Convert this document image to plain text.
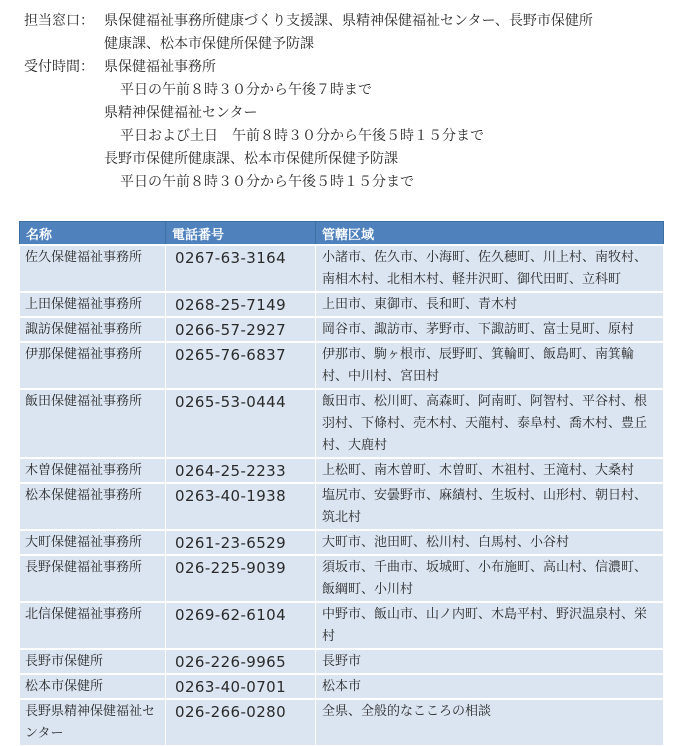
担当窓口： 県保健福祉事務所健康づくり支援課、県精神保健福祉センター、長野市保健所
健康課、松本市保健所保健予防課
受付時間： 県保健福祉事務所
平日の午前８時３０分から午後７時まで
県精神保健福祉センター
平日および土日　午前８時３０分から午後５時１５分まで
長野市保健所健康課、松本市保健所保健予防課
平日の午前８時３０分から午後５時１５分まで
名称	電話番号	管轄区域
佐久保健福祉事務所	0267-63-3164	小諸市、佐久市、小海町、佐久穂町、川上村、南牧村、南相木村、北相木村、軽井沢町、御代田町、立科町
上田保健福祉事務所	0268-25-7149	上田市、東御市、長和町、青木村
諏訪保健福祉事務所	0266-57-2927	岡谷市、諏訪市、茅野市、下諏訪町、富士見町、原村
伊那保健福祉事務所	0265-76-6837	伊那市、駒ヶ根市、辰野町、箕輪町、飯島町、南箕輪村、中川村、宮田村
飯田保健福祉事務所	0265-53-0444	飯田市、松川町、高森町、阿南町、阿智村、平谷村、根羽村、下條村、売木村、天龍村、泰阜村、喬木村、豊丘村、大鹿村
木曽保健福祉事務所	0264-25-2233	上松町、南木曽町、木曽町、木祖村、王滝村、大桑村
松本保健福祉事務所	0263-40-1938	塩尻市、安曇野市、麻績村、生坂村、山形村、朝日村、筑北村
大町保健福祉事務所	0261-23-6529	大町市、池田町、松川村、白馬村、小谷村
長野保健福祉事務所	026-225-9039	須坂市、千曲市、坂城町、小布施町、高山村、信濃町、飯綱町、小川村
北信保健福祉事務所	0269-62-6104	中野市、飯山市、山ノ内町、木島平村、野沢温泉村、栄村
長野市保健所	026-226-9965	長野市
松本市保健所	0263-40-0701	松本市
長野県精神保健福祉センター	026-266-0280	全県、全般的なこころの相談
